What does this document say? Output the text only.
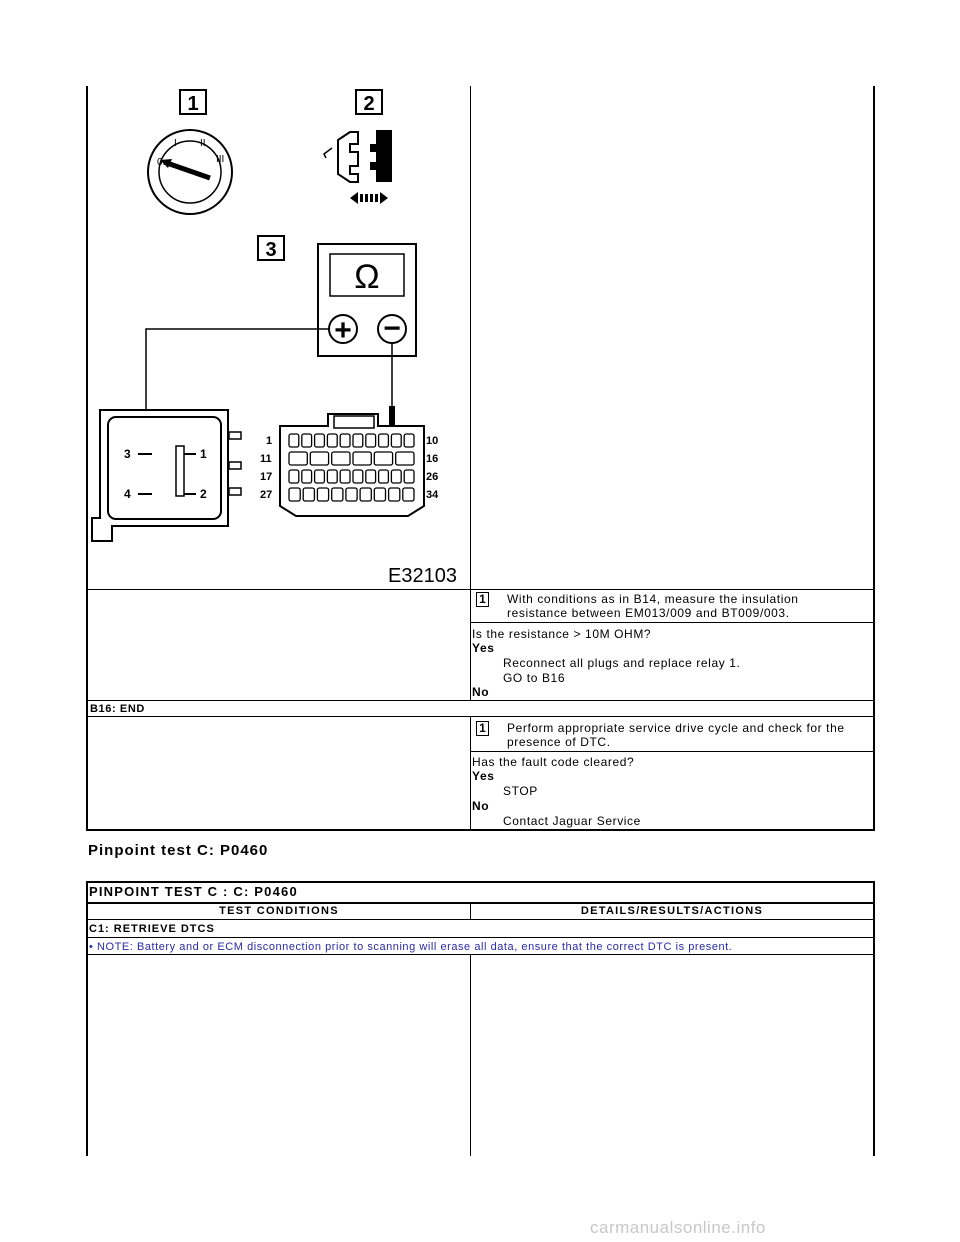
1	2
3
0
I II
III
Ω
+ −
3	1
4	2
1
11
17
27
10
16
26
34
E32103
1 With conditions as in B14, measure the insulation
resistance between EM013/009 and BT009/003.
Is the resistance > 10M OHM?
Yes
Reconnect all plugs and replace relay 1.
GO to B16
No
B16: END
1 Perform appropriate service drive cycle and check for the
presence of DTC.
Has the fault code cleared?
Yes
STOP
No
Contact Jaguar Service
Pinpoint test C: P0460
PINPOINT TEST C : C: P0460
TEST CONDITIONS	DETAILS/RESULTS/ACTIONS
C1: RETRIEVE DTCS
• NOTE: Battery and or ECM disconnection prior to scanning will erase all data, ensure that the correct DTC is present.
carmanualsonline.info
